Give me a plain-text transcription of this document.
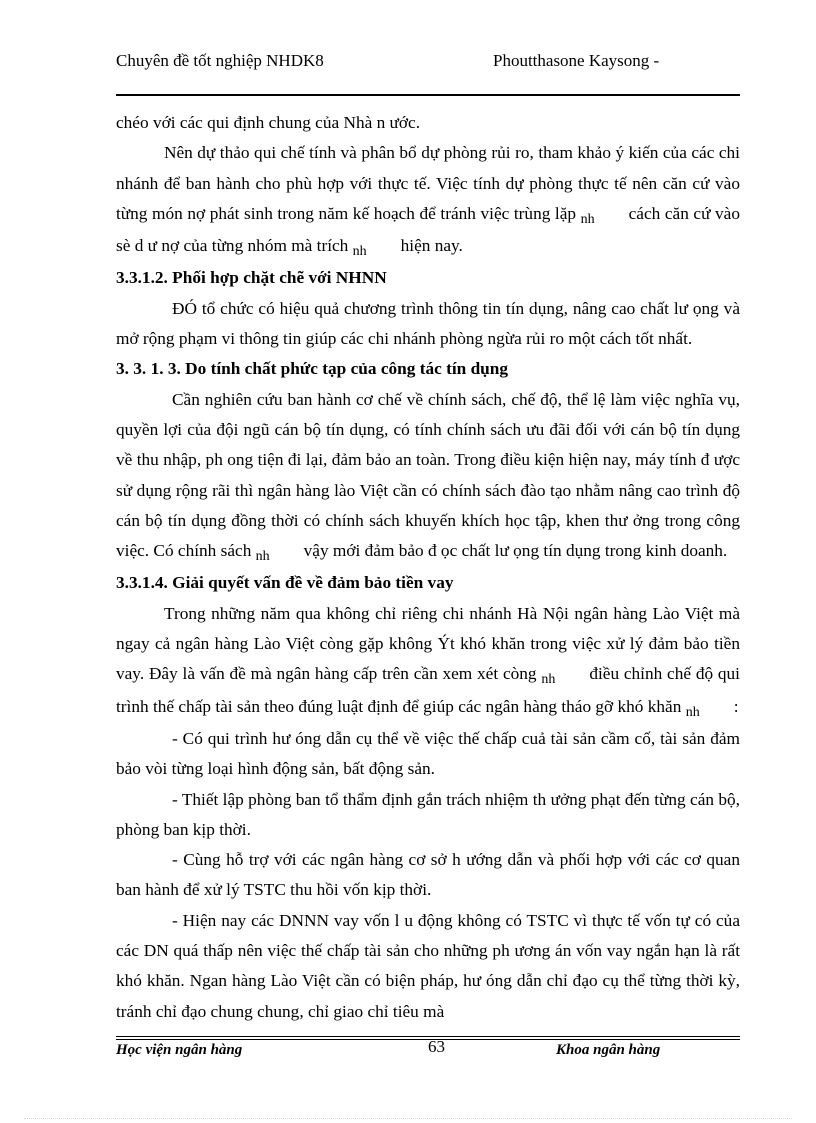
Chuyên đề tốt nghiệp NHDK8	Phoutthasone Kaysong -

chéo với các qui định chung của Nhà n ước.

Nên dự thảo qui chế tính và phân bổ dự phòng rủi ro, tham khảo ý kiến của các chi nhánh để ban hành cho phù hợp với thực tế. Việc tính dự phòng thực tế nên căn cứ vào từng món nợ phát sinh trong năm kế hoạch để tránh việc trùng lặp nh cách căn cứ vào sè d ư nợ của từng nhóm mà trích nh hiện nay.

3.3.1.2. Phối hợp chặt chẽ với NHNN

ĐÓ tổ chức có hiệu quả chương trình thông tin tín dụng, nâng cao chất lư ọng và mở rộng phạm vi thông tin giúp các chi nhánh phòng ngừa rủi ro một cách tốt nhất.

3. 3. 1. 3. Do tính chất phức tạp của công tác tín dụng

Cần nghiên cứu ban hành cơ chế về chính sách, chế độ, thể lệ làm việc nghĩa vụ, quyền lợi của đội ngũ cán bộ tín dụng, có tính chính sách ưu đãi đối với cán bộ tín dụng về thu nhập, ph ong tiện đi lại, đảm bảo an toàn. Trong điều kiện hiện nay, máy tính đ ược sử dụng rộng rãi thì ngân hàng lào Việt cần có chính sách đào tạo nhằm nâng cao trình độ cán bộ tín dụng đồng thời có chính sách khuyến khích học tập, khen thư ởng trong công việc. Có chính sách nh vậy mới đảm bảo đ ọc chất lư ọng tín dụng trong kinh doanh.

3.3.1.4. Giải quyết vấn đề về đảm bảo tiền vay

Trong những năm qua không chỉ riêng chi nhánh Hà Nội ngân hàng Lào Việt mà ngay cả ngân hàng Lào Việt còng gặp không Ýt khó khăn trong việc xử lý đảm bảo tiền vay. Đây là vấn đề mà ngân hàng cấp trên cần xem xét còng nh điều chỉnh chế độ qui trình thế chấp tài sản theo đúng luật định để giúp các ngân hàng tháo gỡ khó khăn nh :

- Có qui trình hư óng dẫn cụ thể về việc thế chấp cuả tài sản cầm cố, tài sản đảm bảo vòi từng loại hình động sản, bất động sản.

- Thiết lập phòng ban tổ thẩm định gắn trách nhiệm th ưởng phạt đến từng cán bộ, phòng ban kịp thời.

- Cùng hỗ trợ với các ngân hàng cơ sở h ướng dẫn và phối hợp với các cơ quan ban hành để xử lý TSTC thu hồi vốn kịp thời.

- Hiện nay các DNNN vay vốn l u động không có TSTC vì thực tế vốn tự có của các DN quá thấp nên việc thế chấp tài sản cho những ph ương án vốn vay ngắn hạn là rất khó khăn. Ngan hàng Lào Việt cần có biện pháp, hư óng dẫn chỉ đạo cụ thể từng thời kỳ, tránh chỉ đạo chung chung, chỉ giao chỉ tiêu mà

Học viện ngân hàng	63	Khoa ngân hàng
